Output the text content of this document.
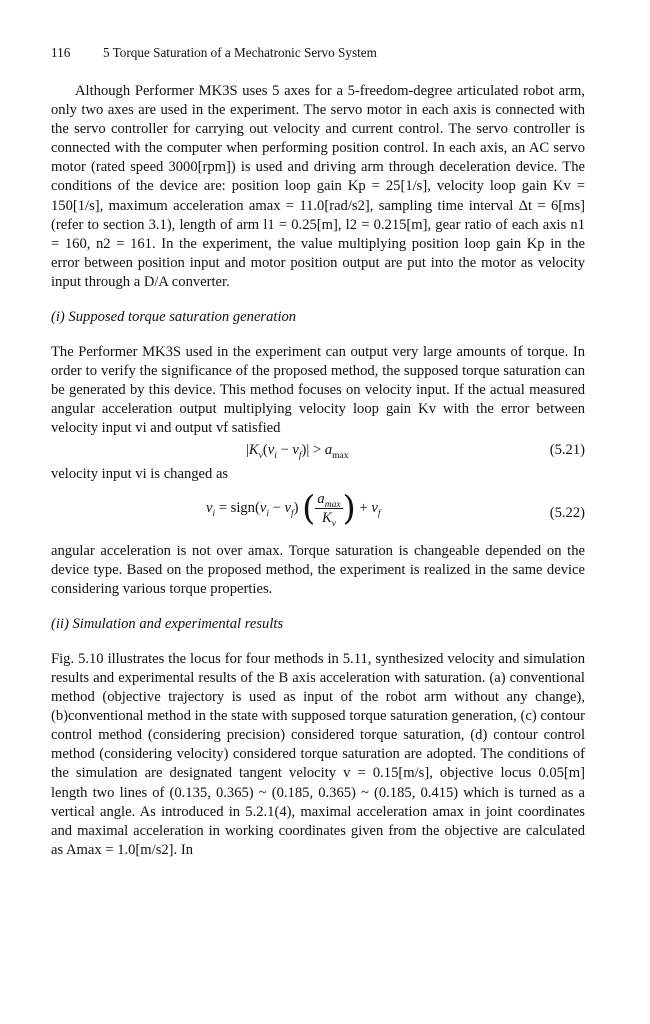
116 5 Torque Saturation of a Mechatronic Servo System

Although Performer MK3S uses 5 axes for a 5-freedom-degree articulated robot arm, only two axes are used in the experiment. The servo motor in each axis is connected with the servo controller for carrying out velocity and current control. The servo controller is connected with the computer when performing position control. In each axis, an AC servo motor (rated speed 3000[rpm]) is used and driving arm through deceleration device. The conditions of the device are: position loop gain Kp = 25[1/s], velocity loop gain Kv = 150[1/s], maximum acceleration amax = 11.0[rad/s2], sampling time interval Δt = 6[ms](refer to section 3.1), length of arm l1 = 0.25[m], l2 = 0.215[m], gear ratio of each axis n1 = 160, n2 = 161. In the experiment, the value multiplying position loop gain Kp in the error between position input and motor position output are put into the motor as velocity input through a D/A converter.

(i) Supposed torque saturation generation

The Performer MK3S used in the experiment can output very large amounts of torque. In order to verify the significance of the proposed method, the supposed torque saturation can be generated by this device. This method focuses on velocity input. If the actual measured angular acceleration output multiplying velocity loop gain Kv with the error between velocity input vi and output vf satisfied

$|K_v(v_i - v_f)| > a_{max}$	(5.21)

velocity input vi is changed as

$v_i$ = $sign(v_i - v_f)$ ( $\frac{a_{max}}{K_v}$ ) + $v_f$	(5.22)

angular acceleration is not over amax. Torque saturation is changeable depended on the device type. Based on the proposed method, the experiment is realized in the same device considering various torque properties.

(ii) Simulation and experimental results

Fig. 5.10 illustrates the locus for four methods in 5.11, synthesized velocity and simulation results and experimental results of the B axis acceleration with saturation. (a) conventional method (objective trajectory is used as input of the robot arm without any change), (b)conventional method in the state with supposed torque saturation generation, (c) contour control method (considering precision) considered torque saturation, (d) contour control method (considering velocity) considered torque saturation are adopted. The conditions of the simulation are designated tangent velocity v = 0.15[m/s], objective locus 0.05[m] length two lines of (0.135, 0.365) ~ (0.185, 0.365) ~ (0.185, 0.415) which is turned as a vertical angle. As introduced in 5.2.1(4), maximal acceleration amax in joint coordinates and maximal acceleration in working coordinates given from the objective are calculated as Amax = 1.0[m/s2]. In
